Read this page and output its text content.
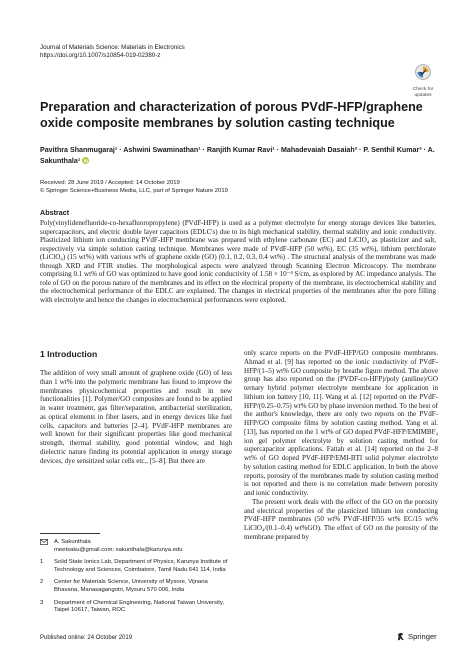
Journal of Materials Science: Materials in Electronics
https://doi.org/10.1007/s10854-019-02380-z
Check for
updates
Preparation and characterization of porous PVdF-HFP/graphene oxide composite membranes by solution casting technique
Pavithra Shanmugaraj¹ · Ashwini Swaminathan¹ · Ranjith Kumar Ravi¹ · Mahadevaiah Dasaiah² · P. Senthil Kumar³ · A. Sakunthala¹
Received: 28 June 2019 / Accepted: 14 October 2019
© Springer Science+Business Media, LLC, part of Springer Nature 2019
Abstract

Poly(vinylidenefluoride-co-hexafluoropropylene) (PVdF-HFP) is used as a polymer electrolyte for energy storage devices like batteries, supercapacitors, and electric double layer capacitors (EDLC's) due to its high mechanical stability, thermal stability and ionic conductivity. Plasticized lithium ion conducting PVdF-HFP membrane was prepared with ethylene carbonate (EC) and LiClO₄ as plasticizer and salt, respectively via simple solution casting technique. Membranes were made of PVdF-HFP (50 wt%), EC (35 wt%), lithium perchlorate (LiClO₄) (15 wt%) with various wt% of graphene oxide (GO) (0.1, 0.2, 0.3, 0.4 wt%) . The structural analysis of the membrane was made through XRD and FTIR studies. The morphological aspects were analyzed through Scanning Electron Microscopy. The membrane comprising 0.1 wt% of GO was optimized to have good ionic conductivity of 1.58 × 10⁻⁴ S/cm, as explored by AC impedance analysis. The role of GO on the porous nature of the membranes and its effect on the electrical property of the membrane, its electrochemical stability and the electrochemical performance of the EDLC are explained. The changes in electrical properties of the membranes after the pore filling with electrolyte and hence the changes in electrochemical performances were explored.

1 Introduction

The addition of very small amount of graphene oxide (GO) of less than 1 wt% into the polymeric membrane has found to improve the membranes physicochemical properties and result in new functionalities [1]. Polymer/GO composites are found to be applied in water treatment, gas filter/separation, antibacterial sterilization, as optical elements in fiber lasers, and in energy devices like fuel cells, capacitors and batteries [2–4]. PVdF-HFP membranes are well known for their significant properties like good mechanical strength, thermal stability, good potential window, and high dielectric nature finding its potential application in energy storage devices, dye sensitized solar cells etc., [5–8]. But there are

only scarce reports on the PVdF-HFP/GO composite membranes. Ahmad et al. [9] has reported on the ionic conductivity of PVdF-HFP/(1–5) wt% GO composite by breathe figure method. The above group has also reported on the (PVDF-co-HFP)/poly (aniline)/GO ternary hybrid polymer electrolyte membrane for application in lithium ion battery [10, 11]. Wang et al. [12] reported on the PVdF-HFP/(0.25–0.75) wt% GO by phase inversion method. To the best of the author's knowledge, there are only two reports on the PVdF-HFP/GO composite films by solution casting method. Yang et al. [13], has reported on the 1 wt% of GO doped PVdF-HFP/EMIMBF₄ ion gel polymer electrolyte by solution casting method for supercapacitor applications. Fattah et al. [14] reported on the 2–8 wt% of GO doped PVdF-HFP/EMI-BTI solid polymer electrolyte by solution casting method for EDLC application. In both the above reports, porosity of the membranes made by solution casting method is not reported and there is no correlation made between porosity and ionic conductivity.

The present work deals with the effect of the GO on the porosity and electrical properties of the plasticized lithium ion conducting PVdF-HFP membranes (50 wt% PVdF-HFP/35 wt% EC/15 wt% LiClO₄/(0.1–0.4) wt%GO). The effect of GO on the porosity of the membrane prepared by

A. Sakunthala
meetsaku@gmail.com; sakunthala@karunya.edu
1	Solid State Ionics Lab, Department of Physics, Karunya Institute of Technology and Sciences, Coimbatore, Tamil Nadu 641 114, India
2	Center for Materials Science, University of Mysore, Vijnana Bhavana, Manasagangotri, Mysuru 570 006, India
3	Department of Chemical Engineering, National Taiwan University, Taipei 10617, Taiwan, ROC
Published online: 24 October 2019	Springer
